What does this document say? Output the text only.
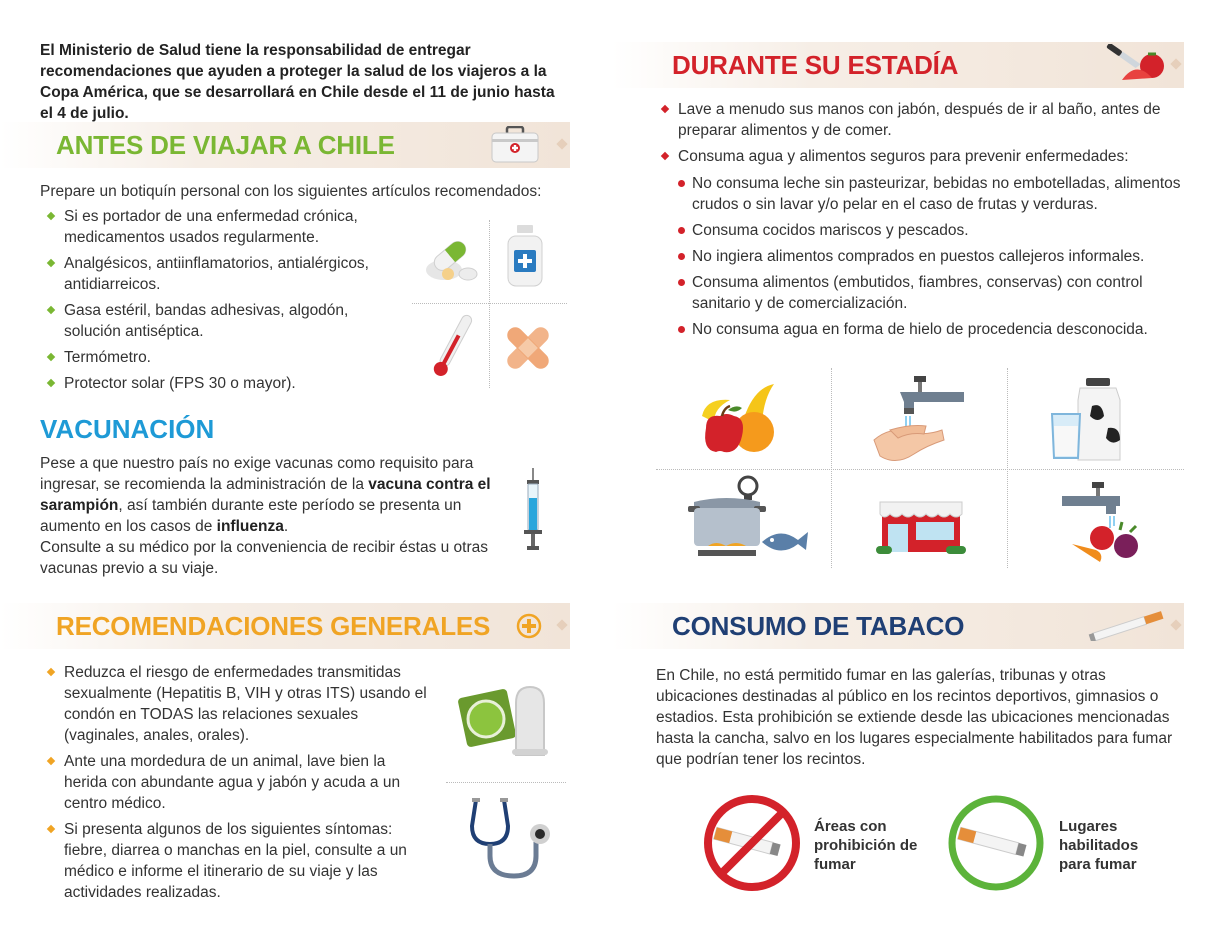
El Ministerio de Salud tiene la responsabilidad de entregar recomendaciones que ayuden a proteger la salud de los viajeros a la Copa América, que se desarrollará en Chile desde el 11 de junio hasta el 4 de julio.

ANTES DE VIAJAR A CHILE

Prepare un botiquín personal con los siguientes artículos recomendados:

Si es portador de una enfermedad crónica, medicamentos usados regularmente.
Analgésicos, antiinflamatorios, antialérgicos, antidiarreicos.
Gasa estéril, bandas adhesivas, algodón, solución antiséptica.
Termómetro.
Protector solar (FPS 30 o mayor).
VACUNACIÓN

Pese a que nuestro país no exige vacunas como requisito para ingresar, se recomienda la administración de la vacuna contra el sarampión, así también durante este período se presenta un aumento en los casos de influenza.

Consulte a su médico por la conveniencia de recibir éstas u otras vacunas previo a su viaje.

RECOMENDACIONES GENERALES
Reduzca el riesgo de enfermedades transmitidas sexualmente (Hepatitis B, VIH y otras ITS) usando el condón en TODAS las relaciones sexuales (vaginales, anales, orales).
Ante una mordedura de un animal, lave bien la herida con abundante agua y jabón y acuda a un centro médico.
Si presenta algunos de los siguientes síntomas: fiebre, diarrea o manchas en la piel, consulte a un médico e informe el itinerario de su viaje y las actividades realizadas.
DURANTE SU ESTADÍA
Lave a menudo sus manos con jabón, después de ir al baño, antes de preparar alimentos y de comer.
Consuma agua y alimentos seguros para prevenir enfermedades:
No consuma leche sin pasteurizar, bebidas no embotelladas, alimentos crudos o sin lavar y/o pelar en el caso de frutas y verduras.
Consuma cocidos mariscos y pescados.
No ingiera alimentos comprados en puestos callejeros informales.
Consuma alimentos (embutidos, fiambres, conservas) con control sanitario y de comercialización.
No consuma agua en forma de hielo de procedencia desconocida.
CONSUMO DE TABACO

En Chile, no está permitido fumar en las galerías, tribunas y otras ubicaciones destinadas al público en los recintos deportivos, gimnasios o estadios. Esta prohibición se extiende desde las ubicaciones mencionadas hasta la cancha, salvo en los lugares especialmente habilitados para fumar que podrían tener los recintos.

Áreas con prohibición de fumar
Lugares habilitados para fumar
